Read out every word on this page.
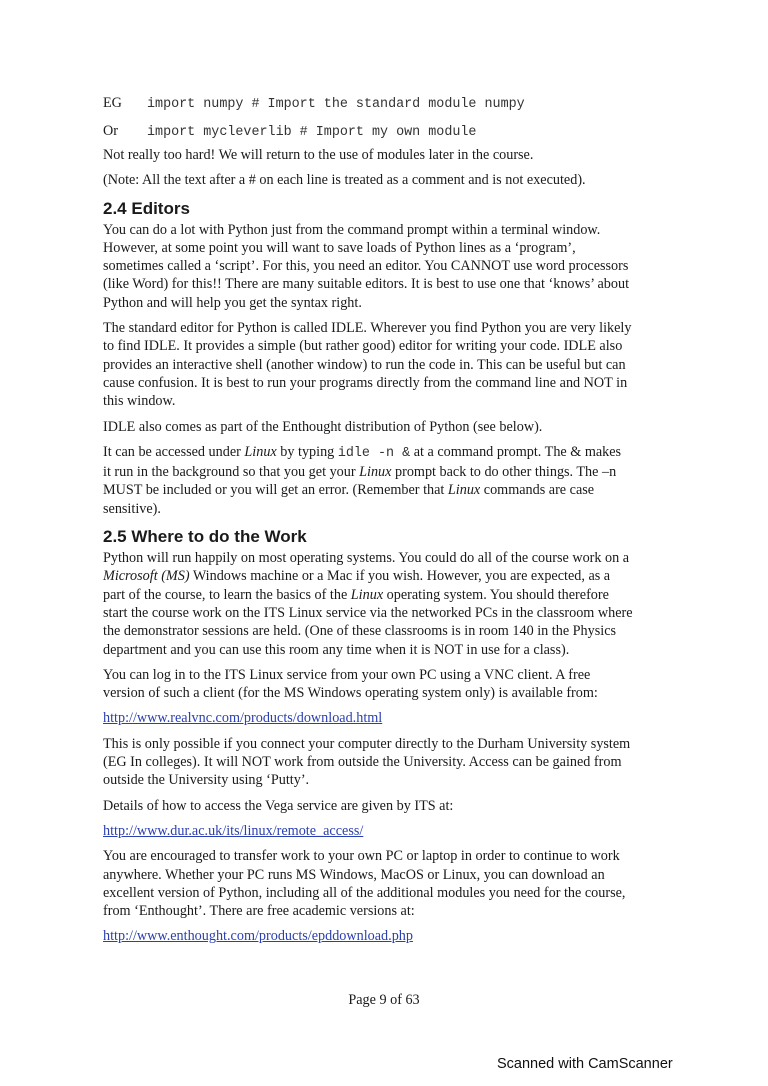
EG import numpy # Import the standard module numpy
Or import mycleverlib # Import my own module
Not really too hard! We will return to the use of modules later in the course.
(Note: All the text after a # on each line is treated as a comment and is not executed).
2.4 Editors
You can do a lot with Python just from the command prompt within a terminal window.
However, at some point you will want to save loads of Python lines as a ‘program’,
sometimes called a ‘script’. For this, you need an editor. You CANNOT use word processors
(like Word) for this!! There are many suitable editors. It is best to use one that ‘knows’ about
Python and will help you get the syntax right.
The standard editor for Python is called IDLE. Wherever you find Python you are very likely
to find IDLE. It provides a simple (but rather good) editor for writing your code. IDLE also
provides an interactive shell (another window) to run the code in. This can be useful but can
cause confusion. It is best to run your programs directly from the command line and NOT in
this window.
IDLE also comes as part of the Enthought distribution of Python (see below).
It can be accessed under Linux by typing idle -n & at a command prompt. The & makes
it run in the background so that you get your Linux prompt back to do other things. The –n
MUST be included or you will get an error. (Remember that Linux commands are case
sensitive).
2.5 Where to do the Work
Python will run happily on most operating systems. You could do all of the course work on a
Microsoft (MS) Windows machine or a Mac if you wish. However, you are expected, as a
part of the course, to learn the basics of the Linux operating system. You should therefore
start the course work on the ITS Linux service via the networked PCs in the classroom where
the demonstrator sessions are held. (One of these classrooms is in room 140 in the Physics
department and you can use this room any time when it is NOT in use for a class).
You can log in to the ITS Linux service from your own PC using a VNC client. A free
version of such a client (for the MS Windows operating system only) is available from:
http://www.realvnc.com/products/download.html
This is only possible if you connect your computer directly to the Durham University system
(EG In colleges). It will NOT work from outside the University. Access can be gained from
outside the University using ‘Putty’.
Details of how to access the Vega service are given by ITS at:
http://www.dur.ac.uk/its/linux/remote_access/
You are encouraged to transfer work to your own PC or laptop in order to continue to work
anywhere. Whether your PC runs MS Windows, MacOS or Linux, you can download an
excellent version of Python, including all of the additional modules you need for the course,
from ‘Enthought’. There are free academic versions at:
http://www.enthought.com/products/epddownload.php
Page 9 of 63
Scanned with CamScanner
